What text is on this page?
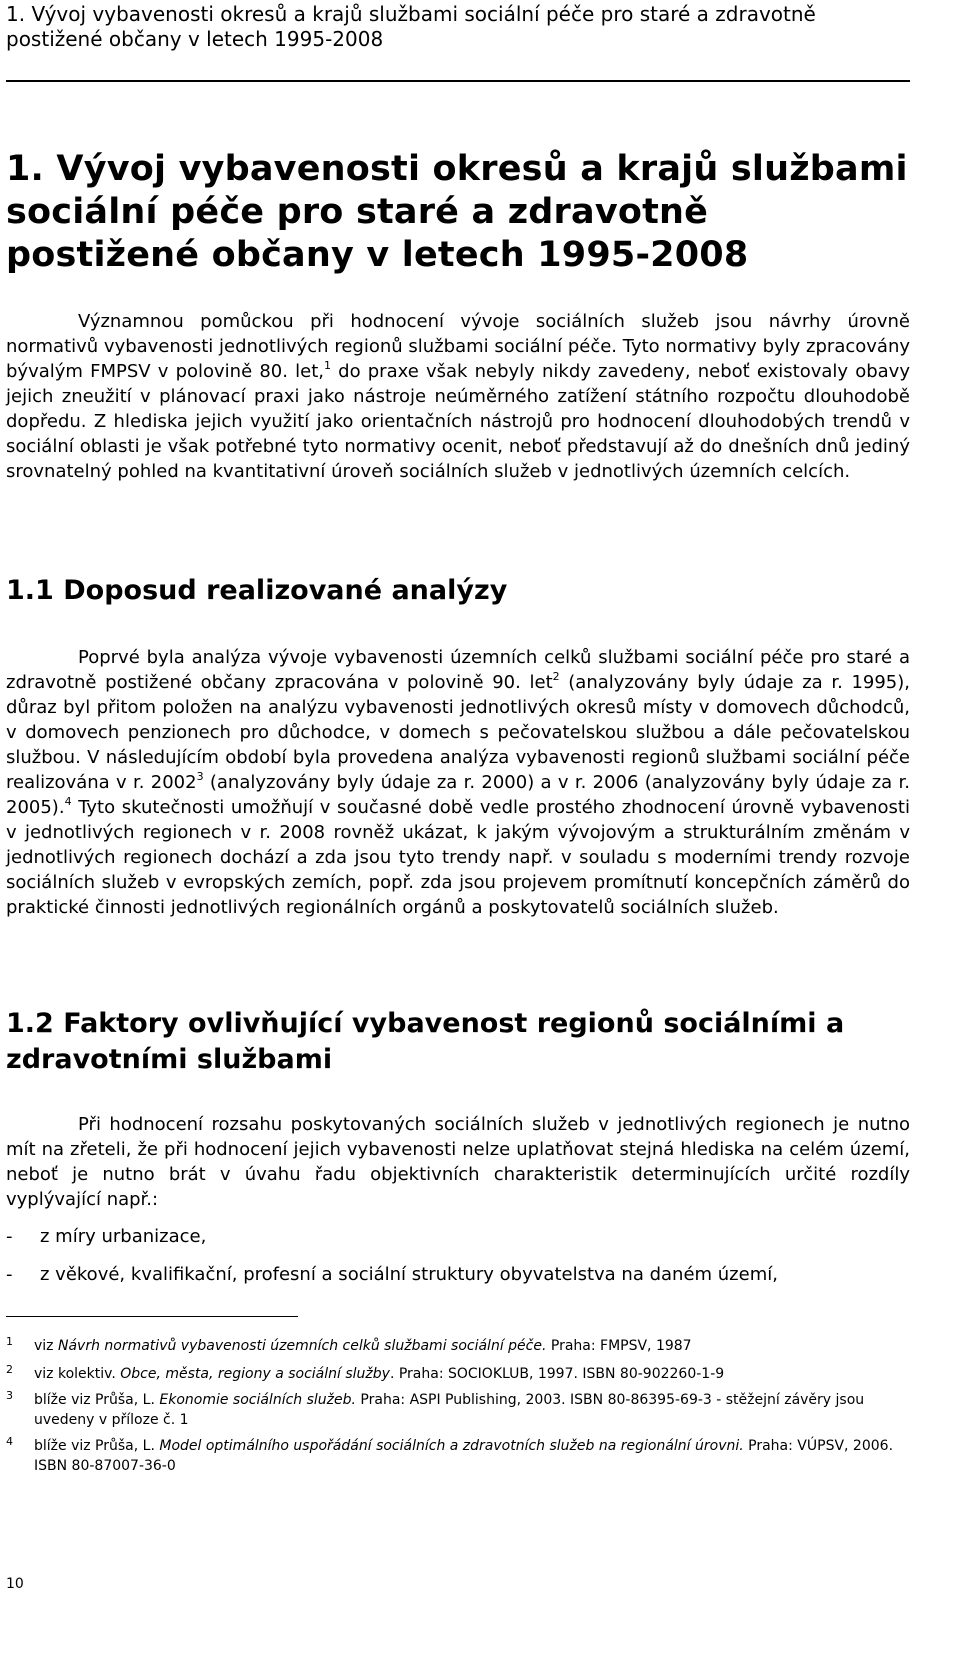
1. Vývoj vybavenosti okresů a krajů službami sociální péče pro staré a zdravotně postižené občany v letech 1995-2008
1. Vývoj vybavenosti okresů a krajů službami sociální péče pro staré a zdravotně postižené občany v letech 1995-2008
Významnou pomůckou při hodnocení vývoje sociálních služeb jsou návrhy úrovně normativů vybavenosti jednotlivých regionů službami sociální péče. Tyto normativy byly zpracovány bývalým FMPSV v polovině 80. let,$^1$ do praxe však nebyly nikdy zavedeny, neboť existovaly obavy jejich zneužití v plánovací praxi jako nástroje neúměrného zatížení státního rozpočtu dlouhodobě dopředu. Z hlediska jejich využití jako orientačních nástrojů pro hodnocení dlouhodobých trendů v sociální oblasti je však potřebné tyto normativy ocenit, neboť představují až do dnešních dnů jediný srovnatelný pohled na kvantitativní úroveň sociálních služeb v jednotlivých územních celcích.
1.1 Doposud realizované analýzy
Poprvé byla analýza vývoje vybavenosti územních celků službami sociální péče pro staré a zdravotně postižené občany zpracována v polovině 90. let$^2$ (analyzovány byly údaje za r. 1995), důraz byl přitom položen na analýzu vybavenosti jednotlivých okresů místy v domovech důchodců, v domovech penzionech pro důchodce, v domech s pečovatelskou službou a dále pečovatelskou službou. V následujícím období byla provedena analýza vybavenosti regionů službami sociální péče realizována v r. 2002$^3$ (analyzovány byly údaje za r. 2000) a v r. 2006 (analyzovány byly údaje za r. 2005).$^4$ Tyto skutečnosti umožňují v současné době vedle prostého zhodnocení úrovně vybavenosti v jednotlivých regionech v r. 2008 rovněž ukázat, k jakým vývojovým a strukturálním změnám v jednotlivých regionech dochází a zda jsou tyto trendy např. v souladu s moderními trendy rozvoje sociálních služeb v evropských zemích, popř. zda jsou projevem promítnutí koncepčních záměrů do praktické činnosti jednotlivých regionálních orgánů a poskytovatelů sociálních služeb.
1.2 Faktory ovlivňující vybavenost regionů sociálními a zdravotními službami
Při hodnocení rozsahu poskytovaných sociálních služeb v jednotlivých regionech je nutno mít na zřeteli, že při hodnocení jejich vybavenosti nelze uplatňovat stejná hlediska na celém území, neboť je nutno brát v úvahu řadu objektivních charakteristik determinujících určité rozdíly vyplývající např.:
- z míry urbanizace,
- z věkové, kvalifikační, profesní a sociální struktury obyvatelstva na daném území,
1 viz Návrh normativů vybavenosti územních celků službami sociální péče. Praha: FMPSV, 1987
2 viz kolektiv. Obce, města, regiony a sociální služby. Praha: SOCIOKLUB, 1997. ISBN 80-902260-1-9
3 blíže viz Průša, L. Ekonomie sociálních služeb. Praha: ASPI Publishing, 2003. ISBN 80-86395-69-3 - stěžejní závěry jsou uvedeny v příloze č. 1
4 blíže viz Průša, L. Model optimálního uspořádání sociálních a zdravotních služeb na regionální úrovni. Praha: VÚPSV, 2006. ISBN 80-87007-36-0
10
